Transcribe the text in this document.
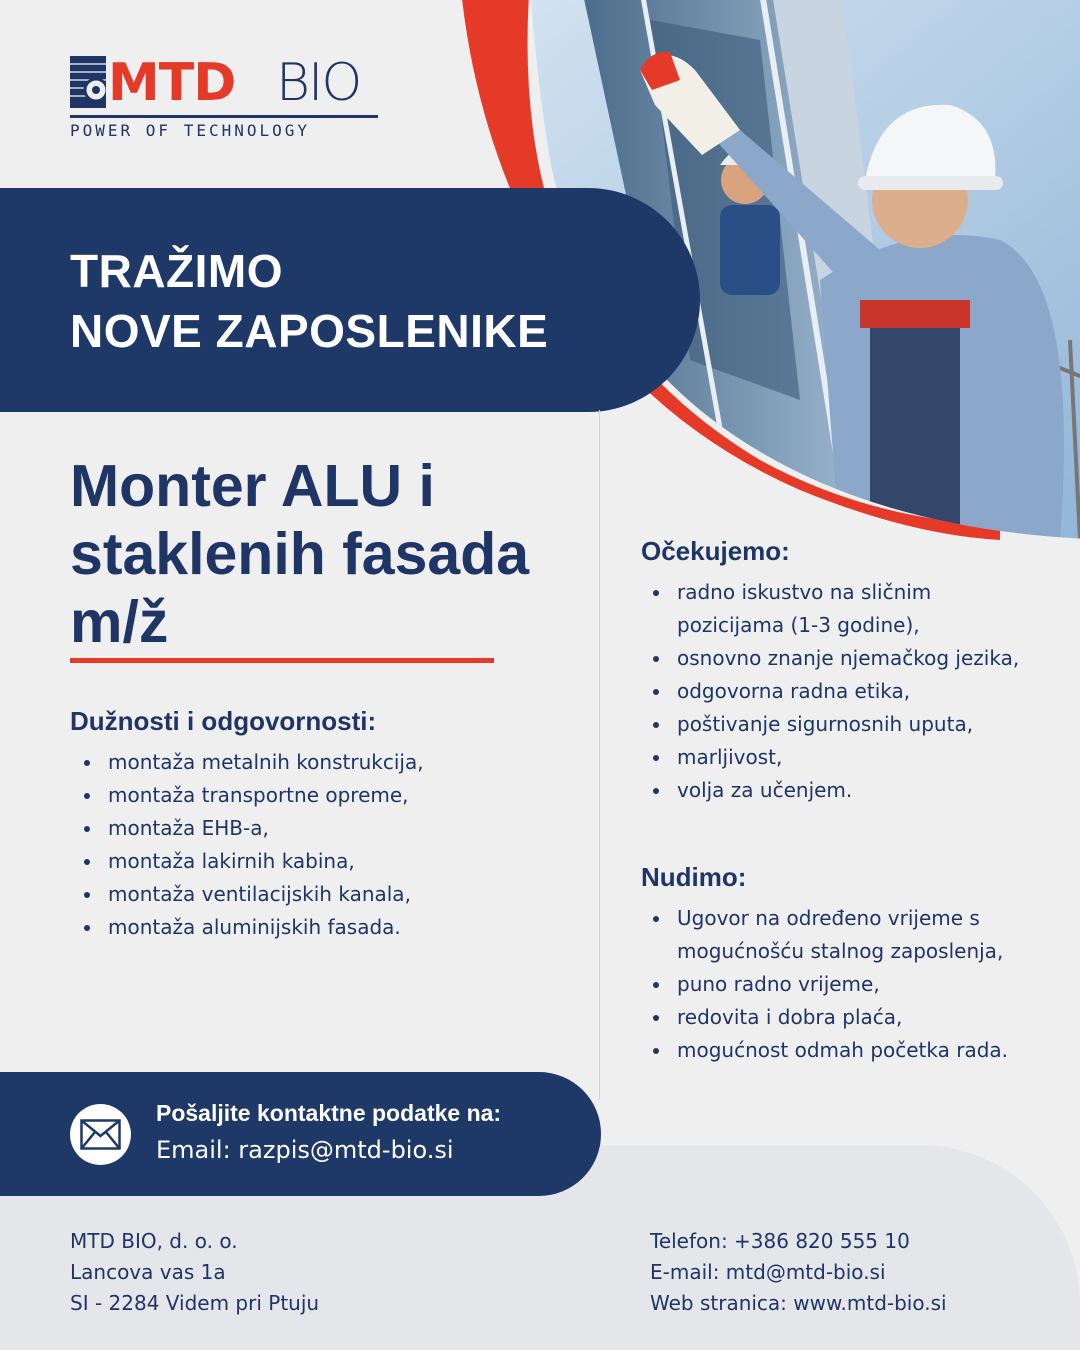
MTD BIO
POWER OF TECHNOLOGY
TRAŽIMO
NOVE ZAPOSLENIKE
Monter ALU i staklenih fasada m/ž
Dužnosti i odgovornosti:
montaža metalnih konstrukcija,
montaža transportne opreme,
montaža EHB-a,
montaža lakirnih kabina,
montaža ventilacijskih kanala,
montaža aluminijskih fasada.
Očekujemo:
radno iskustvo na sličnim pozicijama (1-3 godine),
osnovno znanje njemačkog jezika,
odgovorna radna etika,
poštivanje sigurnosnih uputa,
marljivost,
volja za učenjem.
Nudimo:
Ugovor na određeno vrijeme s mogućnošću stalnog zaposlenja,
puno radno vrijeme,
redovita i dobra plaća,
mogućnost odmah početka rada.
Pošaljite kontaktne podatke na:
Email: razpis@mtd-bio.si
MTD BIO, d. o. o.
Lancova vas 1a
SI - 2284 Videm pri Ptuju
Telefon: +386 820 555 10
E-mail: mtd@mtd-bio.si
Web stranica: www.mtd-bio.si
